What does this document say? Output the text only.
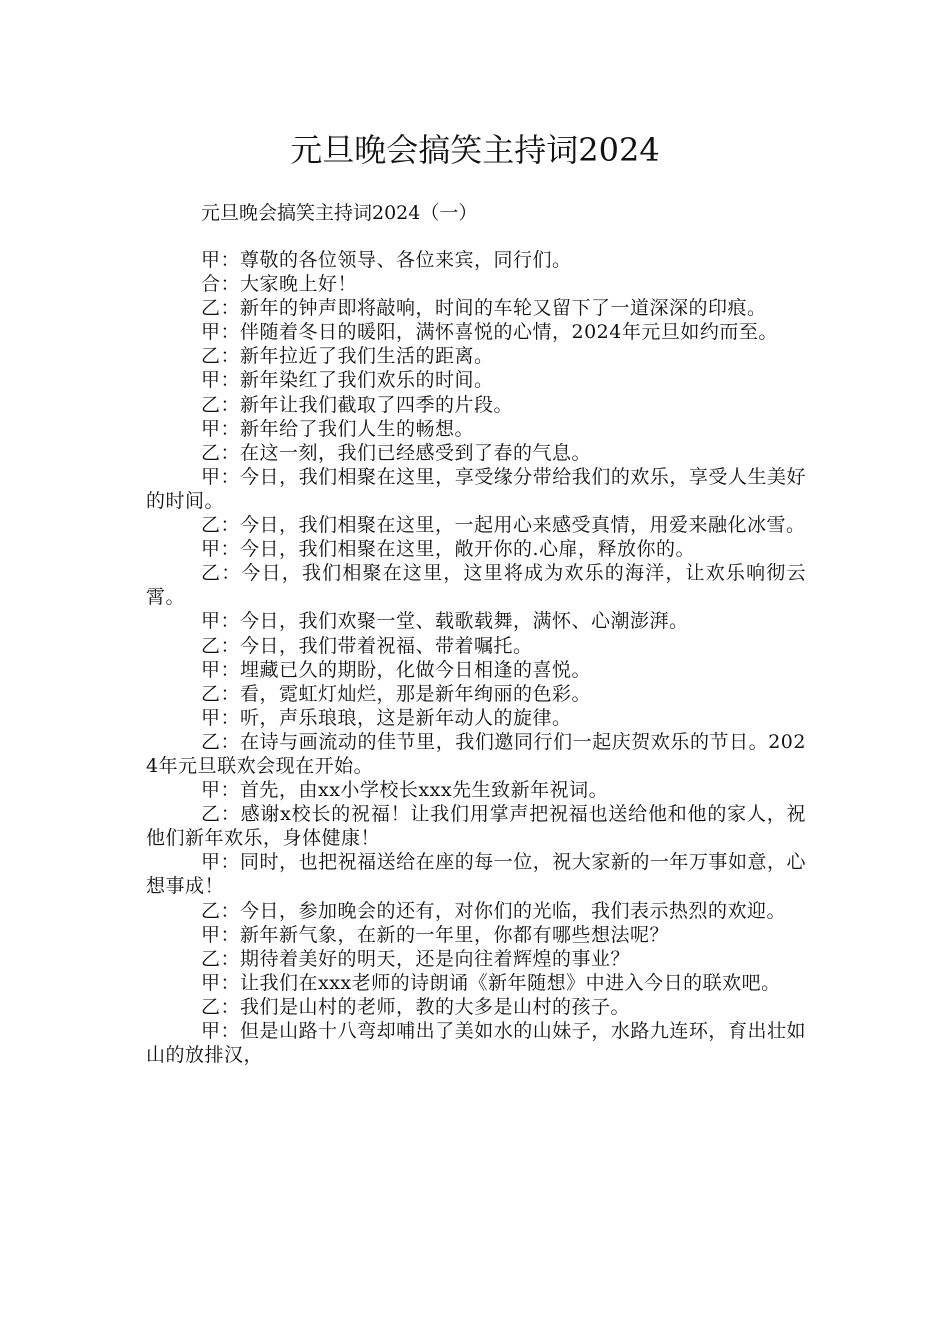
元旦晚会搞笑主持词2024

元旦晚会搞笑主持词2024（一）

甲：尊敬的各位领导、各位来宾，同行们。

合：大家晚上好！

乙：新年的钟声即将敲响，时间的车轮又留下了一道深深的印痕。

甲：伴随着冬日的暖阳，满怀喜悦的心情，2024年元旦如约而至。

乙：新年拉近了我们生活的距离。

甲：新年染红了我们欢乐的时间。

乙：新年让我们截取了四季的片段。

甲：新年给了我们人生的畅想。

乙：在这一刻，我们已经感受到了春的气息。

甲：今日，我们相聚在这里，享受缘分带给我们的欢乐，享受人生美好的时间。

乙：今日，我们相聚在这里，一起用心来感受真情，用爱来融化冰雪。

甲：今日，我们相聚在这里，敞开你的.心扉，释放你的。

乙：今日，我们相聚在这里，这里将成为欢乐的海洋，让欢乐响彻云霄。

甲：今日，我们欢聚一堂、载歌载舞，满怀、心潮澎湃。

乙：今日，我们带着祝福、带着嘱托。

甲：埋藏已久的期盼，化做今日相逢的喜悦。

乙：看，霓虹灯灿烂，那是新年绚丽的色彩。

甲：听，声乐琅琅，这是新年动人的旋律。

乙：在诗与画流动的佳节里，我们邀同行们一起庆贺欢乐的节日。2024年元旦联欢会现在开始。

甲：首先，由xx小学校长xxx先生致新年祝词。

乙：感谢x校长的祝福！让我们用掌声把祝福也送给他和他的家人，祝他们新年欢乐，身体健康！

甲：同时，也把祝福送给在座的每一位，祝大家新的一年万事如意，心想事成！

乙：今日，参加晚会的还有，对你们的光临，我们表示热烈的欢迎。

甲：新年新气象，在新的一年里，你都有哪些想法呢？

乙：期待着美好的明天，还是向往着辉煌的事业？

甲：让我们在xxx老师的诗朗诵《新年随想》中进入今日的联欢吧。

乙：我们是山村的老师，教的大多是山村的孩子。

甲：但是山路十八弯却哺出了美如水的山妹子，水路九连环，育出壮如山的放排汉，
